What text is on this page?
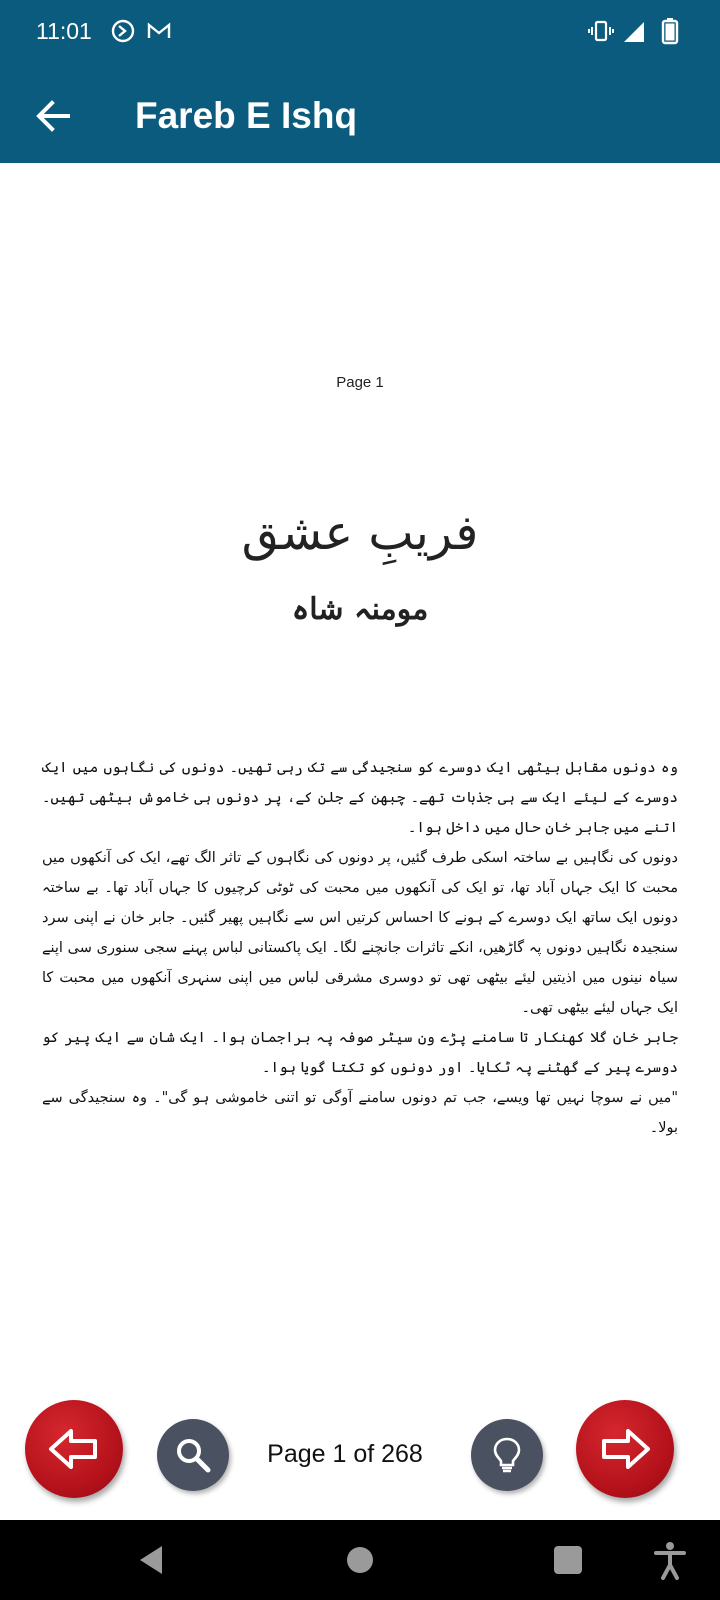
11:01
Fareb E Ishq
Page 1
فریبِ عشق
مومنہ شاہ

وہ دونوں مقابل بیٹھی ایک دوسرے کو سنجیدگی سے تک رہی تھیں۔ دونوں کی نگاہوں میں ایک دوسرے کے لیئے ایک سے ہی جذبات تھے۔ چبھن کے جلن کے، پر دونوں ہی خاموش بیٹھی تھیں۔ اتنے میں جابر خان حال میں داخل ہوا۔

دونوں کی نگاہیں بے ساختہ اسکی طرف گئیں، پر دونوں کی نگاہوں کے تاثر الگ تھے، ایک کی آنکھوں میں محبت کا ایک جہاں آباد تھا، تو ایک کی آنکھوں میں محبت کی ٹوٹی کرچیوں کا جہاں آباد تھا۔ بے ساختہ دونوں ایک ساتھ ایک دوسرے کے ہونے کا احساس کرتیں اس سے نگاہیں پھیر گئیں۔ جابر خان نے اپنی سرد سنجیدہ نگاہیں دونوں پہ گاڑھیں، انکے تاثرات جانچنے لگا۔ ایک پاکستانی لباس پہنے سجی سنوری سی اپنے سیاہ نینوں میں اذیتیں لیئے بیٹھی تھی تو دوسری مشرقی لباس میں اپنی سنہری آنکھوں میں محبت کا ایک جہاں لیئے بیٹھی تھی۔

جابر خان گلا کھنکار تا سامنے پڑے ون سیٹر صوفہ پہ براجمان ہوا۔ ایک شان سے ایک پیر کو دوسرے پیر کے گھٹنے پہ ٹکایا۔ اور دونوں کو تکتا گویا ہوا۔

"میں نے سوچا نہیں تھا ویسے، جب تم دونوں سامنے آوگی تو اتنی خاموشی ہو گی"۔ وہ سنجیدگی سے بولا۔

Page 1 of 268
